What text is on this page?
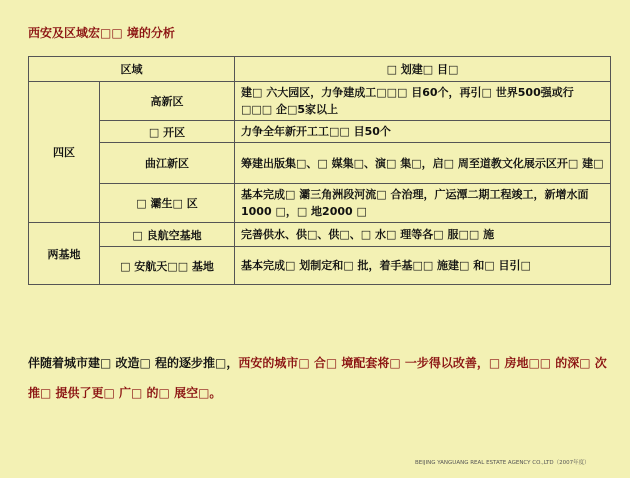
西安及区域宏□□ 境的分析
区域		□ 划建□ 目□
四区	高新区	建□ 六大园区，力争建成工□□□ 目60个，再引□ 世界500强或行□□□ 企□5家以上
	□ 开区	力争全年新开工工□□ 目50个
	曲江新区	筹建出版集□、□ 媒集□、演□ 集□，启□ 周至道教文化展示区开□ 建□
	□ 灞生□ 区	基本完成□ 灞三角洲段河流□ 合治理，广运潭二期工程竣工，新增水面1000 □，□ 地2000 □
两基地	□ 良航空基地	完善供水、供□、供□、□ 水□ 理等各□ 服□□ 施
	□ 安航天□□ 基地	基本完成□ 划制定和□ 批，着手基□□ 施建□ 和□ 目引□
伴随着城市建□ 改造□ 程的逐步推□，西安的城市□ 合□ 境配套将□ 一步得以改善，□ 房地□□ 的深□ 次推□ 提供了更□ 广□ 的□ 展空□。
BEIJING YANGUANG REAL ESTATE AGENCY CO.,LTD（2007年度）
